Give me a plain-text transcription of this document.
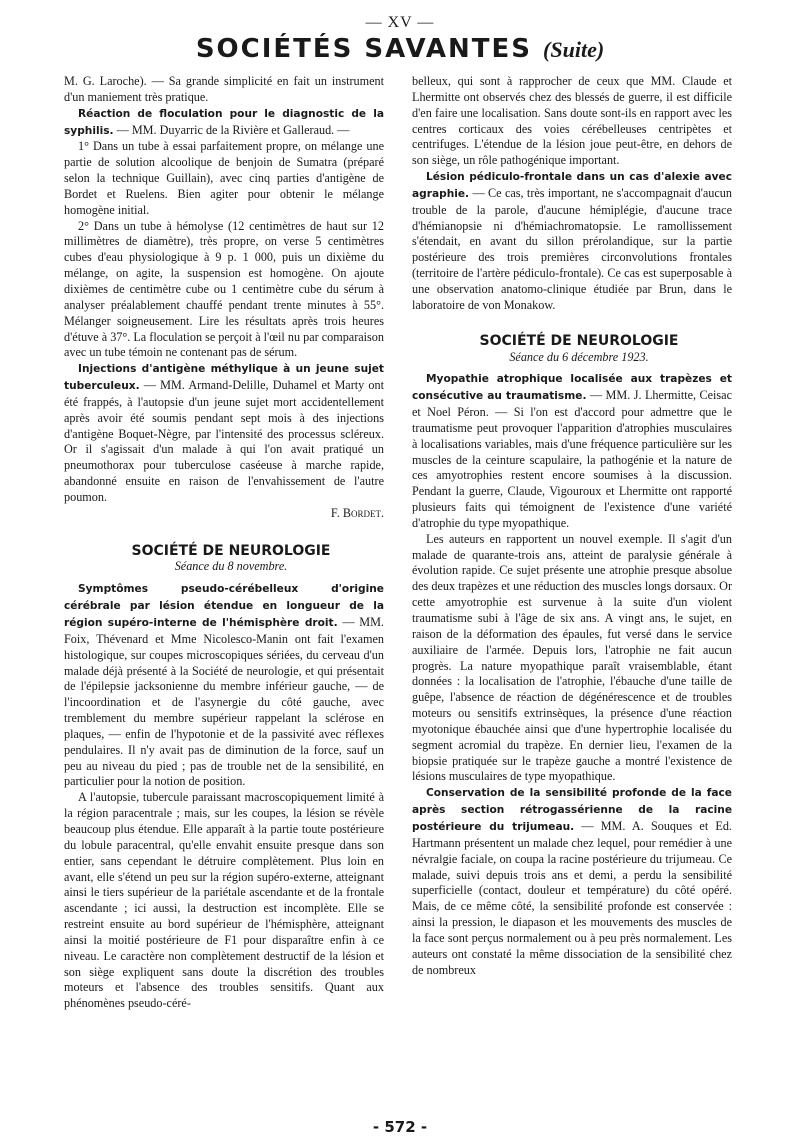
— XV —
SOCIÉTÉS SAVANTES (Suite)

M. G. Laroche). — Sa grande simplicité en fait un instrument d'un maniement très pratique.

Réaction de floculation pour le diagnostic de la syphilis. — MM. Duyarric de la Rivière et Galleraud. —

1° Dans un tube à essai parfaitement propre, on mélange une partie de solution alcoolique de benjoin de Sumatra (préparé selon la technique Guillain), avec cinq parties d'antigène de Bordet et Ruelens. Bien agiter pour obtenir le mélange homogène initial.

2° Dans un tube à hémolyse (12 centimètres de haut sur 12 millimètres de diamètre), très propre, on verse 5 centimètres cubes d'eau physiologique à 9 p. 1 000, puis un dixième du mélange, on agite, la suspension est homogène. On ajoute dixièmes de centimètre cube ou 1 centimètre cube du sérum à analyser préalablement chauffé pendant trente minutes à 55°. Mélanger soigneusement. Lire les résultats après trois heures d'étuve à 37°. La floculation se perçoit à l'œil nu par comparaison avec un tube témoin ne contenant pas de sérum.

Injections d'antigène méthylique à un jeune sujet tuberculeux. — MM. Armand-Delille, Duhamel et Marty ont été frappés, à l'autopsie d'un jeune sujet mort accidentellement après avoir été soumis pendant sept mois à des injections d'antigène Boquet-Nègre, par l'intensité des processus scléreux. Or il s'agissait d'un malade à qui l'on avait pratiqué un pneumothorax pour tuberculose caséeuse à marche rapide, abandonné ensuite en raison de l'envahissement de l'autre poumon.

F. Bordet.

SOCIÉTÉ DE NEUROLOGIE

Séance du 8 novembre.

Symptômes pseudo-cérébelleux d'origine cérébrale par lésion étendue en longueur de la région supéro-interne de l'hémisphère droit. — MM. Foix, Thévenard et Mme Nicolesco-Manin ont fait l'examen histologique, sur coupes microscopiques sériées, du cerveau d'un malade déjà présenté à la Société de neurologie, et qui présentait de l'épilepsie jacksonienne du membre inférieur gauche, — de l'incoordination et de l'asynergie du côté gauche, avec tremblement du membre supérieur rappelant la sclérose en plaques, — enfin de l'hypotonie et de la passivité avec réflexes pendulaires. Il n'y avait pas de diminution de la force, sauf un peu au niveau du pied ; pas de trouble net de la sensibilité, en particulier pour la notion de position.

A l'autopsie, tubercule paraissant macroscopiquement limité à la région paracentrale ; mais, sur les coupes, la lésion se révèle beaucoup plus étendue. Elle apparaît à la partie toute postérieure du lobule paracentral, qu'elle envahit ensuite presque dans son entier, sans cependant le détruire complètement. Plus loin en avant, elle s'étend un peu sur la région supéro-externe, atteignant ainsi le tiers supérieur de la pariétale ascendante et de la frontale ascendante ; ici aussi, la destruction est incomplète. Elle se restreint ensuite au bord supérieur de l'hémisphère, atteignant ainsi la moitié postérieure de F1 pour disparaître enfin à ce niveau. Le caractère non complètement destructif de la lésion et son siège expliquent sans doute la discrétion des troubles moteurs et l'absence des troubles sensitifs. Quant aux phénomènes pseudo-céré-

belleux, qui sont à rapprocher de ceux que MM. Claude et Lhermitte ont observés chez des blessés de guerre, il est difficile d'en faire une localisation. Sans doute sont-ils en rapport avec les centres corticaux des voies cérébelleuses centripètes et centrifuges. L'étendue de la lésion joue peut-être, en dehors de son siège, un rôle pathogénique important.

Lésion pédiculo-frontale dans un cas d'alexie avec agraphie. — Ce cas, très important, ne s'accompagnait d'aucun trouble de la parole, d'aucune hémiplégie, d'aucune trace d'hémianopsie ni d'hémiachromatopsie. Le ramollissement s'étendait, en avant du sillon prérolandique, sur la partie postérieure des trois premières circonvolutions frontales (territoire de l'artère pédiculo-frontale). Ce cas est superposable à une observation anatomo-clinique étudiée par Brun, dans le laboratoire de von Monakow.

SOCIÉTÉ DE NEUROLOGIE

Séance du 6 décembre 1923.

Myopathie atrophique localisée aux trapèzes et consécutive au traumatisme. — MM. J. Lhermitte, Ceisac et Noel Péron. — Si l'on est d'accord pour admettre que le traumatisme peut provoquer l'apparition d'atrophies musculaires à localisations variables, mais d'une fréquence particulière sur les muscles de la ceinture scapulaire, la pathogénie et la nature de ces amyotrophies restent encore soumises à la discussion. Pendant la guerre, Claude, Vigouroux et Lhermitte ont rapporté plusieurs faits qui témoignent de l'existence d'une variété d'atrophie du type myopathique.

Les auteurs en rapportent un nouvel exemple. Il s'agit d'un malade de quarante-trois ans, atteint de paralysie générale à évolution rapide. Ce sujet présente une atrophie presque absolue des deux trapèzes et une réduction des muscles longs dorsaux. Or cette amyotrophie est survenue à la suite d'un violent traumatisme subi à l'âge de six ans. A vingt ans, le sujet, en raison de la déformation des épaules, fut versé dans le service auxiliaire de l'armée. Depuis lors, l'atrophie ne fait aucun progrès. La nature myopathique paraît vraisemblable, étant données : la localisation de l'atrophie, l'ébauche d'une taille de guêpe, l'absence de réaction de dégénérescence et de troubles moteurs ou sensitifs extrinsèques, la présence d'une réaction myotonique ébauchée ainsi que d'une hypertrophie localisée du segment acromial du trapèze. En dernier lieu, l'examen de la biopsie pratiquée sur le trapèze gauche a montré l'existence de lésions musculaires de type myopathique.

Conservation de la sensibilité profonde de la face après section rétrogassérienne de la racine postérieure du trijumeau. — MM. A. Souques et Ed. Hartmann présentent un malade chez lequel, pour remédier à une névralgie faciale, on coupa la racine postérieure du trijumeau. Ce malade, suivi depuis trois ans et demi, a perdu la sensibilité superficielle (contact, douleur et température) du côté opéré. Mais, de ce même côté, la sensibilité profonde est conservée : ainsi la pression, le diapason et les mouvements des muscles de la face sont perçus normalement ou à peu près normalement. Les auteurs ont constaté la même dissociation de la sensibilité chez de nombreux

- 572 -
